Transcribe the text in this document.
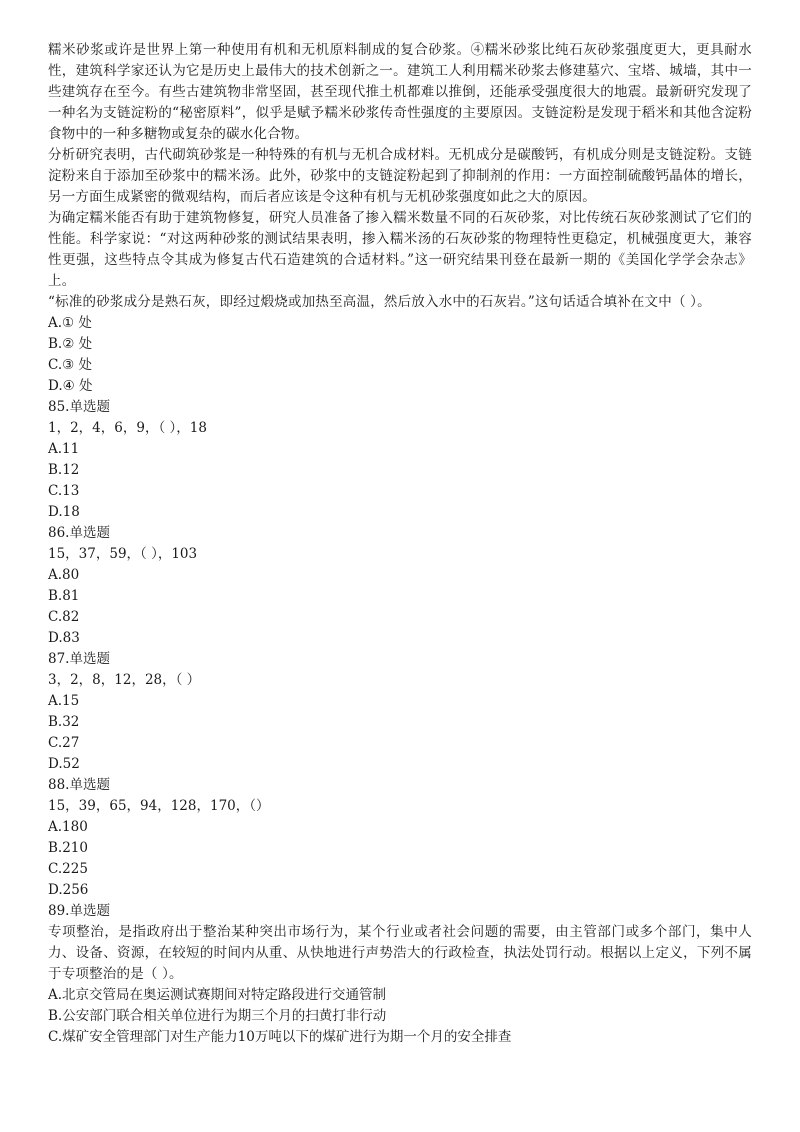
糯米砂浆或许是世界上第一种使用有机和无机原料制成的复合砂浆。④糯米砂浆比纯石灰砂浆强度更大，更具耐水性，建筑科学家还认为它是历史上最伟大的技术创新之一。建筑工人利用糯米砂浆去修建墓穴、宝塔、城墙，其中一些建筑存在至今。有些古建筑物非常坚固，甚至现代推土机都难以推倒，还能承受强度很大的地震。最新研究发现了一种名为支链淀粉的“秘密原料”，似乎是赋予糯米砂浆传奇性强度的主要原因。支链淀粉是发现于稻米和其他含淀粉食物中的一种多糖物或复杂的碳水化合物。

分析研究表明，古代砌筑砂浆是一种特殊的有机与无机合成材料。无机成分是碳酸钙，有机成分则是支链淀粉。支链淀粉来自于添加至砂浆中的糯米汤。此外，砂浆中的支链淀粉起到了抑制剂的作用：一方面控制硫酸钙晶体的增长，另一方面生成紧密的微观结构，而后者应该是令这种有机与无机砂浆强度如此之大的原因。

为确定糯米能否有助于建筑物修复，研究人员准备了掺入糯米数量不同的石灰砂浆，对比传统石灰砂浆测试了它们的性能。科学家说：“对这两种砂浆的测试结果表明，掺入糯米汤的石灰砂浆的物理特性更稳定，机械强度更大，兼容性更强，这些特点令其成为修复古代石造建筑的合适材料。”这一研究结果刊登在最新一期的《美国化学学会杂志》上。

“标准的砂浆成分是熟石灰，即经过煅烧或加热至高温，然后放入水中的石灰岩。”这句话适合填补在文中（ ）。

A.① 处

B.② 处

C.③ 处

D.④ 处

85.单选题

1，2，4，6，9，（ ），18

A.11

B.12

C.13

D.18

86.单选题

15，37，59，（ ），103

A.80

B.81

C.82

D.83

87.单选题

3，2，8，12，28，（ ）

A.15

B.32

C.27

D.52

88.单选题

15，39，65，94，128，170，（）

A.180

B.210

C.225

D.256

89.单选题

专项整治，是指政府出于整治某种突出市场行为，某个行业或者社会问题的需要，由主管部门或多个部门，集中人力、设备、资源，在较短的时间内从重、从快地进行声势浩大的行政检查，执法处罚行动。根据以上定义，下列不属于专项整治的是（ ）。

A.北京交管局在奥运测试赛期间对特定路段进行交通管制

B.公安部门联合相关单位进行为期三个月的扫黄打非行动

C.煤矿安全管理部门对生产能力10万吨以下的煤矿进行为期一个月的安全排查
